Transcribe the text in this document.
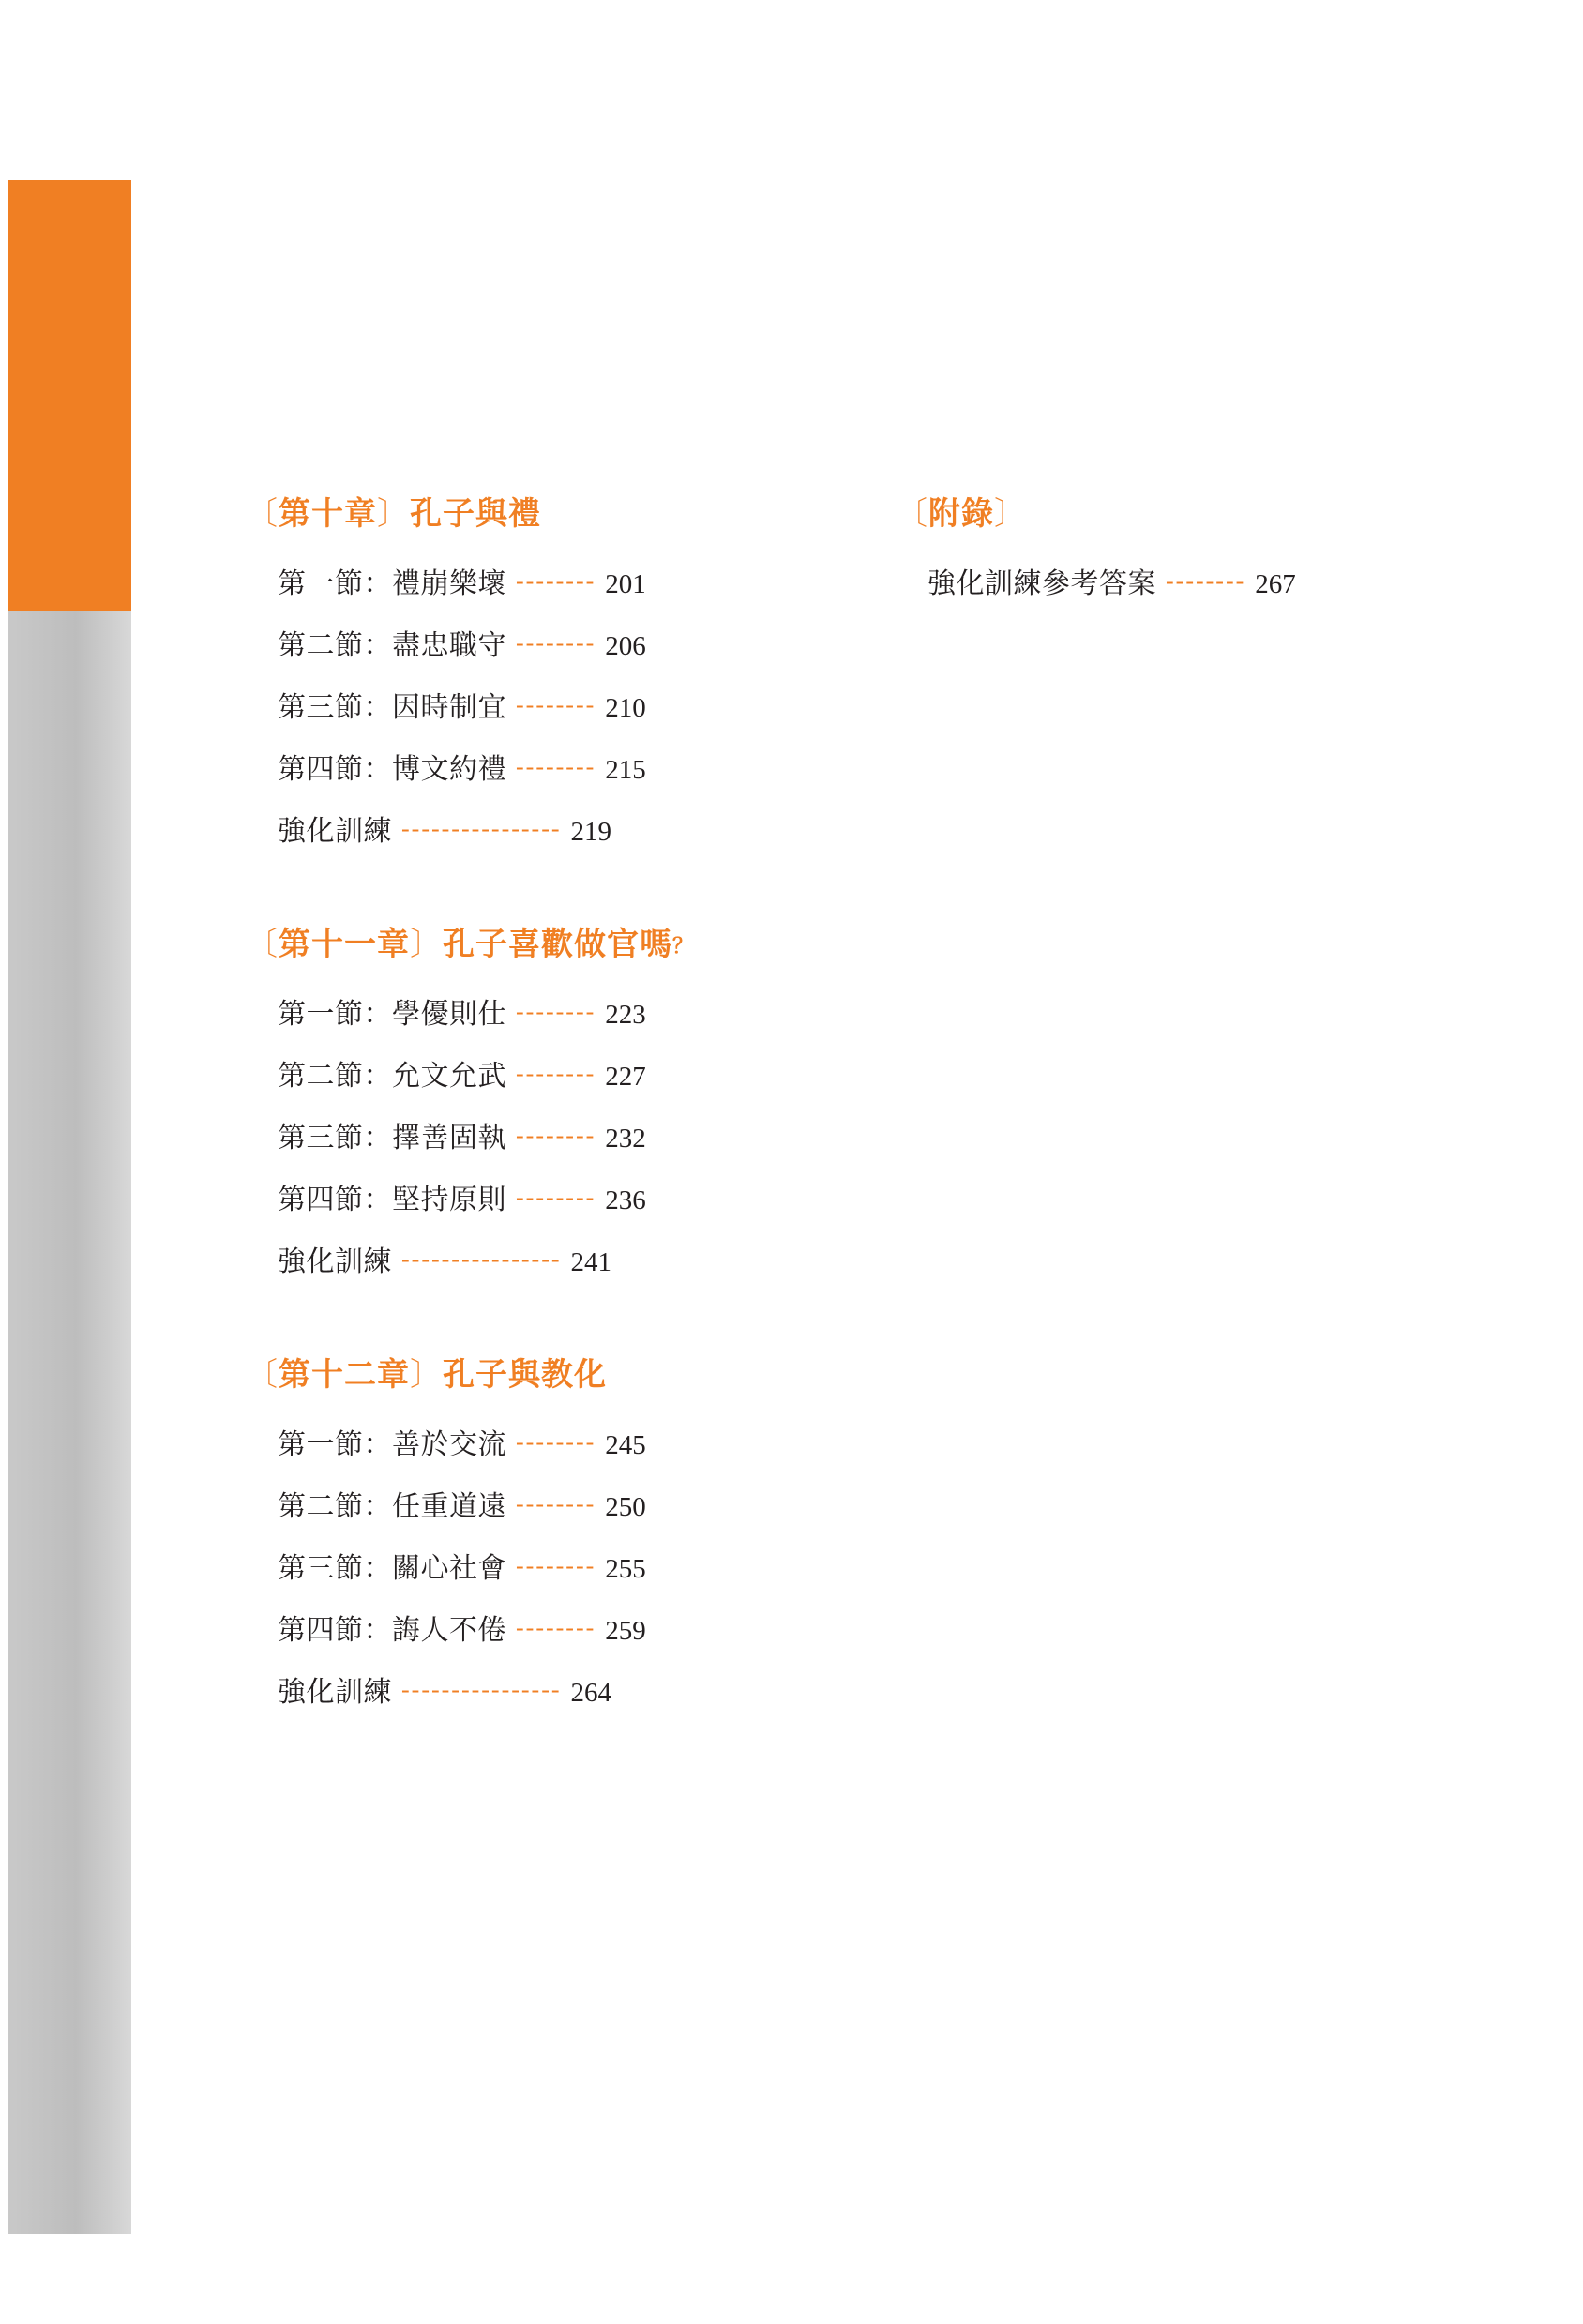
〔第十章〕孔子與禮
第一節：禮崩樂壞 -------- 201
第二節：盡忠職守 -------- 206
第三節：因時制宜 -------- 210
第四節：博文約禮 -------- 215
強化訓練 ---------------- 219
〔第十一章〕孔子喜歡做官嗎？
第一節：學優則仕 -------- 223
第二節：允文允武 -------- 227
第三節：擇善固執 -------- 232
第四節：堅持原則 -------- 236
強化訓練 ---------------- 241
〔第十二章〕孔子與教化
第一節：善於交流 -------- 245
第二節：任重道遠 -------- 250
第三節：關心社會 -------- 255
第四節：誨人不倦 -------- 259
強化訓練 ---------------- 264
〔附錄〕
強化訓練參考答案 -------- 267
